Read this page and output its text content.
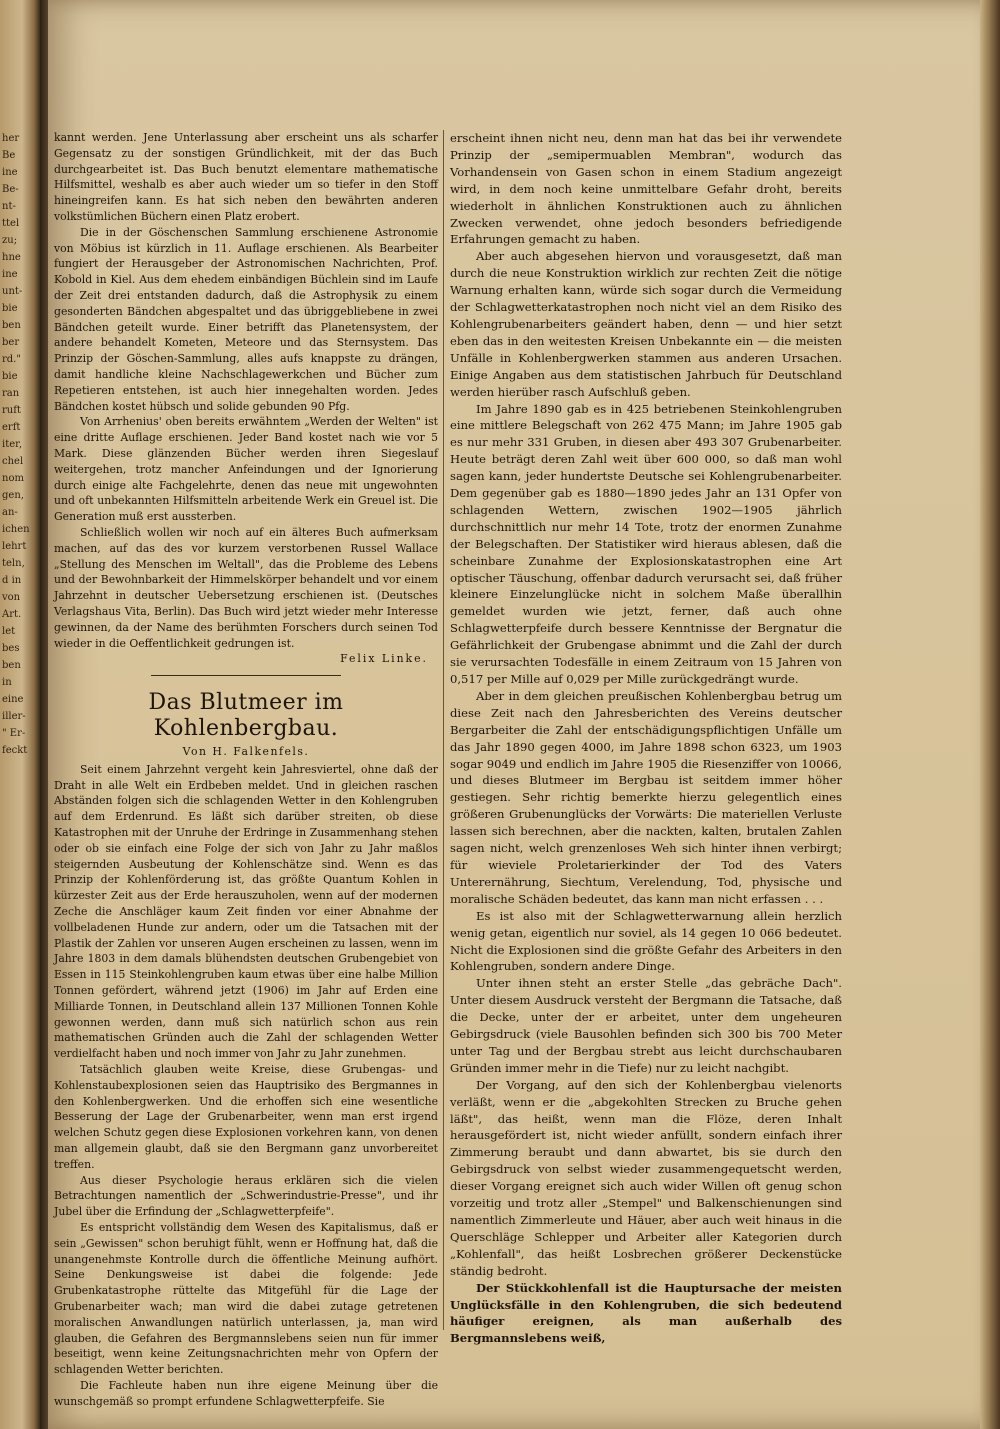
her
Be
ine
Be-
nt-
ttel
zu;
hne
ine
unt-
bie
ben
ber
rd."
bie
ran
ruft
erft
iter,
chel
nom
gen,
an-
ichen
lehrt
teln,
d in
von
Art.
let
bes
ben
in
eine
iller-
" Er-
feckt

kannt werden. Jene Unterlassung aber erscheint uns als scharfer Gegensatz zu der sonstigen Gründlichkeit, mit der das Buch durchgearbeitet ist. Das Buch benutzt elementare mathematische Hilfsmittel, weshalb es aber auch wieder um so tiefer in den Stoff hineingreifen kann. Es hat sich neben den bewährten anderen volkstümlichen Büchern einen Platz erobert.

Die in der Göschenschen Sammlung erschienene Astronomie von Möbius ist kürzlich in 11. Auflage erschienen. Als Bearbeiter fungiert der Herausgeber der Astronomischen Nachrichten, Prof. Kobold in Kiel. Aus dem ehedem einbändigen Büchlein sind im Laufe der Zeit drei entstanden dadurch, daß die Astrophysik zu einem gesonderten Bändchen abgespaltet und das übriggebliebene in zwei Bändchen geteilt wurde. Einer betrifft das Planetensystem, der andere behandelt Kometen, Meteore und das Sternsystem. Das Prinzip der Göschen-Sammlung, alles aufs knappste zu drängen, damit handliche kleine Nachschlagewerkchen und Bücher zum Repetieren entstehen, ist auch hier innegehalten worden. Jedes Bändchen kostet hübsch und solide gebunden 90 Pfg.

Von Arrhenius' oben bereits erwähntem „Werden der Welten" ist eine dritte Auflage erschienen. Jeder Band kostet nach wie vor 5 Mark. Diese glänzenden Bücher werden ihren Siegeslauf weitergehen, trotz mancher Anfeindungen und der Ignorierung durch einige alte Fachgelehrte, denen das neue mit ungewohnten und oft unbekannten Hilfsmitteln arbeitende Werk ein Greuel ist. Die Generation muß erst aussterben.

Schließlich wollen wir noch auf ein älteres Buch aufmerksam machen, auf das des vor kurzem verstorbenen Russel Wallace „Stellung des Menschen im Weltall", das die Probleme des Lebens und der Bewohnbarkeit der Himmelskörper behandelt und vor einem Jahrzehnt in deutscher Uebersetzung erschienen ist. (Deutsches Verlagshaus Vita, Berlin). Das Buch wird jetzt wieder mehr Interesse gewinnen, da der Name des berühmten Forschers durch seinen Tod wieder in die Oeffentlichkeit gedrungen ist.

Felix Linke.

Das Blutmeer im Kohlenbergbau.
Von H. Falkenfels.

Seit einem Jahrzehnt vergeht kein Jahresviertel, ohne daß der Draht in alle Welt ein Erdbeben meldet. Und in gleichen raschen Abständen folgen sich die schlagenden Wetter in den Kohlengruben auf dem Erdenrund. Es läßt sich darüber streiten, ob diese Katastrophen mit der Unruhe der Erdringe in Zusammenhang stehen oder ob sie einfach eine Folge der sich von Jahr zu Jahr maßlos steigernden Ausbeutung der Kohlenschätze sind. Wenn es das Prinzip der Kohlenförderung ist, das größte Quantum Kohlen in kürzester Zeit aus der Erde herauszuholen, wenn auf der modernen Zeche die Anschläger kaum Zeit finden vor einer Abnahme der vollbeladenen Hunde zur andern, oder um die Tatsachen mit der Plastik der Zahlen vor unseren Augen erscheinen zu lassen, wenn im Jahre 1803 in dem damals blühendsten deutschen Grubengebiet von Essen in 115 Steinkohlengruben kaum etwas über eine halbe Million Tonnen gefördert, während jetzt (1906) im Jahr auf Erden eine Milliarde Tonnen, in Deutschland allein 137 Millionen Tonnen Kohle gewonnen werden, dann muß sich natürlich schon aus rein mathematischen Gründen auch die Zahl der schlagenden Wetter verdielfacht haben und noch immer von Jahr zu Jahr zunehmen.

Tatsächlich glauben weite Kreise, diese Grubengas- und Kohlenstaubexplosionen seien das Hauptrisiko des Bergmannes in den Kohlenbergwerken. Und die erhoffen sich eine wesentliche Besserung der Lage der Grubenarbeiter, wenn man erst irgend welchen Schutz gegen diese Explosionen vorkehren kann, von denen man allgemein glaubt, daß sie den Bergmann ganz unvorbereitet treffen.

Aus dieser Psychologie heraus erklären sich die vielen Betrachtungen namentlich der „Schwerindustrie-Presse", und ihr Jubel über die Erfindung der „Schlagwetterpfeife".

Es entspricht vollständig dem Wesen des Kapitalismus, daß er sein „Gewissen" schon beruhigt fühlt, wenn er Hoffnung hat, daß die unangenehmste Kontrolle durch die öffentliche Meinung aufhört. Seine Denkungsweise ist dabei die folgende: Jede Grubenkatastrophe rüttelte das Mitgefühl für die Lage der Grubenarbeiter wach; man wird die dabei zutage getretenen moralischen Anwandlungen natürlich unterlassen, ja, man wird glauben, die Gefahren des Bergmannslebens seien nun für immer beseitigt, wenn keine Zeitungsnachrichten mehr von Opfern der schlagenden Wetter berichten.

Die Fachleute haben nun ihre eigene Meinung über die wunschgemäß so prompt erfundene Schlagwetterpfeife. Sie

erscheint ihnen nicht neu, denn man hat das bei ihr verwendete Prinzip der „semipermuablen Membran", wodurch das Vorhandensein von Gasen schon in einem Stadium angezeigt wird, in dem noch keine unmittelbare Gefahr droht, bereits wiederholt in ähnlichen Konstruktionen auch zu ähnlichen Zwecken verwendet, ohne jedoch besonders befriedigende Erfahrungen gemacht zu haben.

Aber auch abgesehen hiervon und vorausgesetzt, daß man durch die neue Konstruktion wirklich zur rechten Zeit die nötige Warnung erhalten kann, würde sich sogar durch die Vermeidung der Schlagwetterkatastrophen noch nicht viel an dem Risiko des Kohlengrubenarbeiters geändert haben, denn — und hier setzt eben das in den weitesten Kreisen Unbekannte ein — die meisten Unfälle in Kohlenbergwerken stammen aus anderen Ursachen. Einige Angaben aus dem statistischen Jahrbuch für Deutschland werden hierüber rasch Aufschluß geben.

Im Jahre 1890 gab es in 425 betriebenen Steinkohlengruben eine mittlere Belegschaft von 262 475 Mann; im Jahre 1905 gab es nur mehr 331 Gruben, in diesen aber 493 307 Grubenarbeiter. Heute beträgt deren Zahl weit über 600 000, so daß man wohl sagen kann, jeder hundertste Deutsche sei Kohlengrubenarbeiter. Dem gegenüber gab es 1880—1890 jedes Jahr an 131 Opfer von schlagenden Wettern, zwischen 1902—1905 jährlich durchschnittlich nur mehr 14 Tote, trotz der enormen Zunahme der Belegschaften. Der Statistiker wird hieraus ablesen, daß die scheinbare Zunahme der Explosionskatastrophen eine Art optischer Täuschung, offenbar dadurch verursacht sei, daß früher kleinere Einzelunglücke nicht in solchem Maße überallhin gemeldet wurden wie jetzt, ferner, daß auch ohne Schlagwetterpfeife durch bessere Kenntnisse der Bergnatur die Gefährlichkeit der Grubengase abnimmt und die Zahl der durch sie verursachten Todesfälle in einem Zeitraum von 15 Jahren von 0,517 per Mille auf 0,029 per Mille zurückgedrängt wurde.

Aber in dem gleichen preußischen Kohlenbergbau betrug um diese Zeit nach den Jahresberichten des Vereins deutscher Bergarbeiter die Zahl der entschädigungspflichtigen Unfälle um das Jahr 1890 gegen 4000, im Jahre 1898 schon 6323, um 1903 sogar 9049 und endlich im Jahre 1905 die Riesenziffer von 10066, und dieses Blutmeer im Bergbau ist seitdem immer höher gestiegen. Sehr richtig bemerkte hierzu gelegentlich eines größeren Grubenunglücks der Vorwärts: Die materiellen Verluste lassen sich berechnen, aber die nackten, kalten, brutalen Zahlen sagen nicht, welch grenzenloses Weh sich hinter ihnen verbirgt; für wieviele Proletarierkinder der Tod des Vaters Unterernährung, Siechtum, Verelendung, Tod, physische und moralische Schäden bedeutet, das kann man nicht erfassen . . .

Es ist also mit der Schlagwetterwarnung allein herzlich wenig getan, eigentlich nur soviel, als 14 gegen 10 066 bedeutet. Nicht die Explosionen sind die größte Gefahr des Arbeiters in den Kohlengruben, sondern andere Dinge.

Unter ihnen steht an erster Stelle „das gebräche Dach". Unter diesem Ausdruck versteht der Bergmann die Tatsache, daß die Decke, unter der er arbeitet, unter dem ungeheuren Gebirgsdruck (viele Bausohlen befinden sich 300 bis 700 Meter unter Tag und der Bergbau strebt aus leicht durchschaubaren Gründen immer mehr in die Tiefe) nur zu leicht nachgibt.

Der Vorgang, auf den sich der Kohlenbergbau vielenorts verläßt, wenn er die „abgekohlten Strecken zu Bruche gehen läßt", das heißt, wenn man die Flöze, deren Inhalt herausgefördert ist, nicht wieder anfüllt, sondern einfach ihrer Zimmerung beraubt und dann abwartet, bis sie durch den Gebirgsdruck von selbst wieder zusammengequetscht werden, dieser Vorgang ereignet sich auch wider Willen oft genug schon vorzeitig und trotz aller „Stempel" und Balkenschienungen sind namentlich Zimmerleute und Häuer, aber auch weit hinaus in die Querschläge Schlepper und Arbeiter aller Kategorien durch „Kohlenfall", das heißt Losbrechen größerer Deckenstücke ständig bedroht.

Der Stückkohlenfall ist die Hauptursache der meisten Unglücksfälle in den Kohlengruben, die sich bedeutend häufiger ereignen, als man außerhalb des Bergmannslebens weiß,
